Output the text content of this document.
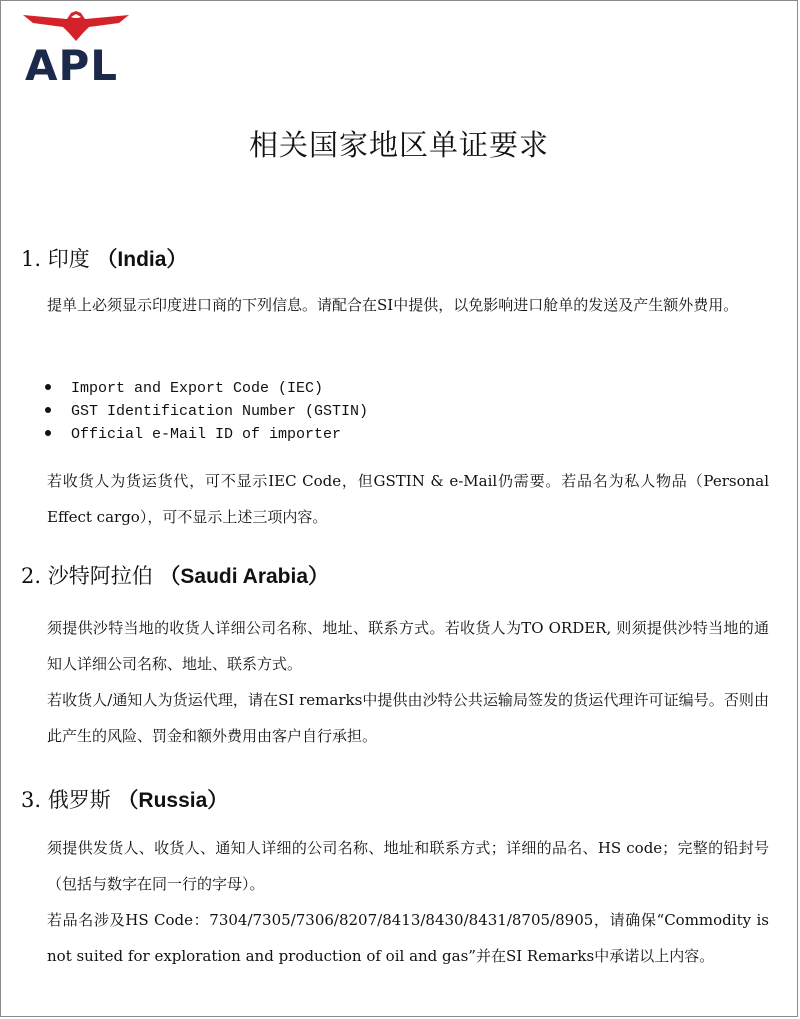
APL
相关国家地区单证要求
1. 印度 （India）
提单上必须显示印度进口商的下列信息。请配合在SI中提供，以免影响进口舱单的发送及产生额外费用。
Import and Export Code (IEC)
GST Identification Number (GSTIN)
Official e-Mail ID of importer
若收货人为货运货代，可不显示IEC Code，但GSTIN & e-Mail仍需要。若品名为私人物品（Personal Effect cargo），可不显示上述三项内容。
2. 沙特阿拉伯 （Saudi Arabia）
须提供沙特当地的收货人详细公司名称、地址、联系方式。若收货人为TO ORDER, 则须提供沙特当地的通知人详细公司名称、地址、联系方式。
若收货人/通知人为货运代理，请在SI remarks中提供由沙特公共运输局签发的货运代理许可证编号。否则由此产生的风险、罚金和额外费用由客户自行承担。
3. 俄罗斯 （Russia）
须提供发货人、收货人、通知人详细的公司名称、地址和联系方式；详细的品名、HS code；完整的铅封号（包括与数字在同一行的字母）。
若品名涉及HS Code：7304/7305/7306/8207/8413/8430/8431/8705/8905，请确保“Commodity is not suited for exploration and production of oil and gas”并在SI Remarks中承诺以上内容。
